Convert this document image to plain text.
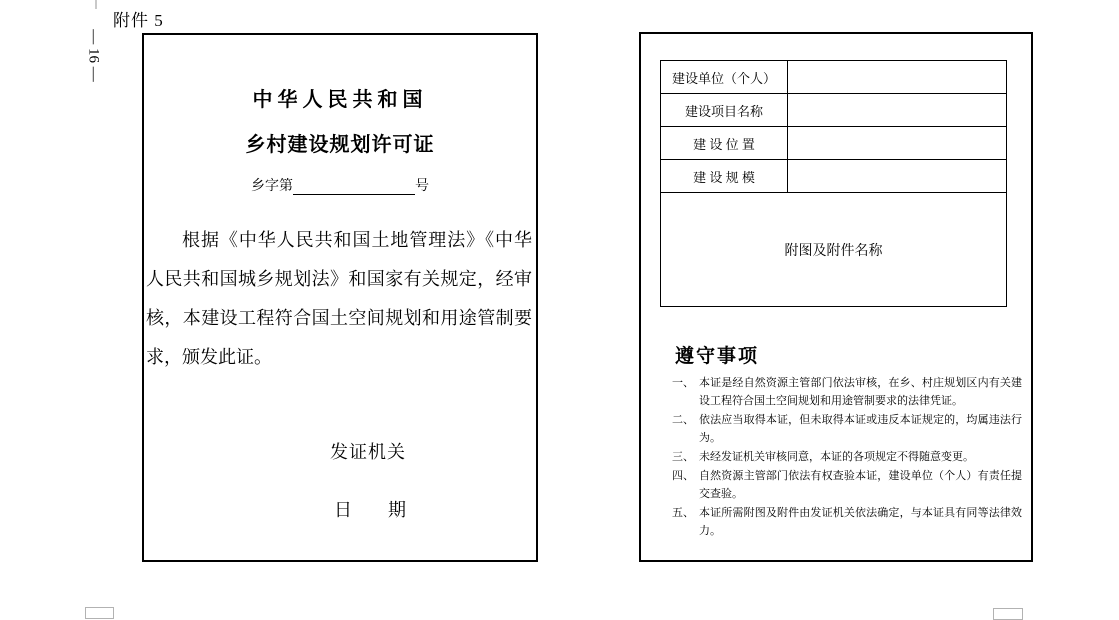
附件 5
— 16 —
中华人民共和国
乡村建设规划许可证
乡字第	号
根据《中华人民共和国土地管理法》《中华人民共和国城乡规划法》和国家有关规定，经审核，本建设工程符合国土空间规划和用途管制要求，颁发此证。
发证机关
日　　期
建设单位（个人）	
建设项目名称	
建 设 位 置	
建 设 规 模	
附图及附件名称	
遵守事项
一、 本证是经自然资源主管部门依法审核，在乡、村庄规划区内有关建设工程符合国土空间规划和用途管制要求的法律凭证。
二、 依法应当取得本证，但未取得本证或违反本证规定的，均属违法行为。
三、 未经发证机关审核同意，本证的各项规定不得随意变更。
四、 自然资源主管部门依法有权查验本证，建设单位（个人）有责任提交查验。
五、 本证所需附图及附件由发证机关依法确定，与本证具有同等法律效力。
